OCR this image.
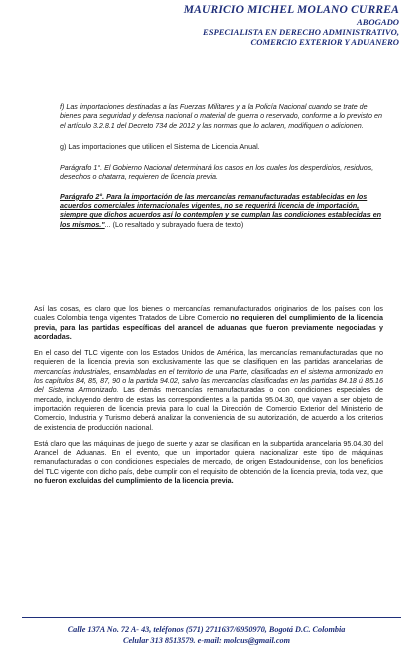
MAURICIO MICHEL MOLANO CURREA
ABOGADO
ESPECIALISTA EN DERECHO ADMINISTRATIVO,
COMERCIO EXTERIOR Y ADUANERO

f) Las importaciones destinadas a las Fuerzas Militares y a la Policía Nacional cuando se trate de bienes para seguridad y defensa nacional o material de guerra o reservado, conforme a lo previsto en el artículo 3.2.8.1 del Decreto 734 de 2012 y las normas que lo aclaren, modifiquen o adicionen.

g) Las importaciones que utilicen el Sistema de Licencia Anual.

Parágrafo 1°. El Gobierno Nacional determinará los casos en los cuales los desperdicios, residuos, desechos o chatarra, requieren de licencia previa.

Parágrafo 2°. Para la importación de las mercancías remanufacturadas establecidas en los acuerdos comerciales internacionales vigentes, no se requerirá licencia de importación, siempre que dichos acuerdos así lo contemplen y se cumplan las condiciones establecidas en los mismos."... (Lo resaltado y subrayado fuera de texto)

Así las cosas, es claro que los bienes o mercancías remanufacturados originarios de los países con los cuales Colombia tenga vigentes Tratados de Libre Comercio no requieren del cumplimiento de la licencia previa, para las partidas específicas del arancel de aduanas que fueron previamente negociadas y acordadas.

En el caso del TLC vigente con los Estados Unidos de América, las mercancías remanufacturadas que no requieren de la licencia previa son exclusivamente las que se clasifiquen en las partidas arancelarias de mercancías industriales, ensambladas en el territorio de una Parte, clasificadas en el sistema armonizado en los capítulos 84, 85, 87, 90 o la partida 94.02, salvo las mercancías clasificadas en las partidas 84.18 ú 85.16 del Sistema Armonizado. Las demás mercancías remanufacturadas o con condiciones especiales de mercado, incluyendo dentro de estas las correspondientes a la partida 95.04.30, que vayan a ser objeto de importación requieren de licencia previa para lo cual la Dirección de Comercio Exterior del Ministerio de Comercio, Industria y Turismo deberá analizar la conveniencia de su autorización, de acuerdo a los criterios de existencia de producción nacional.

Está claro que las máquinas de juego de suerte y azar se clasifican en la subpartida arancelaria 95.04.30 del Arancel de Aduanas. En el evento, que un importador quiera nacionalizar este tipo de máquinas remanufacturadas o con condiciones especiales de mercado, de origen Estadounidense, con los beneficios del TLC vigente con dicho país, debe cumplir con el requisito de obtención de la licencia previa, toda vez, que no fueron excluidas del cumplimiento de la licencia previa.

Calle 137A No. 72 A- 43, teléfonos (571) 2711637/6950970, Bogotá D.C. Colombia
Celular 313 8513579. e-mail: molcus@gmail.com
